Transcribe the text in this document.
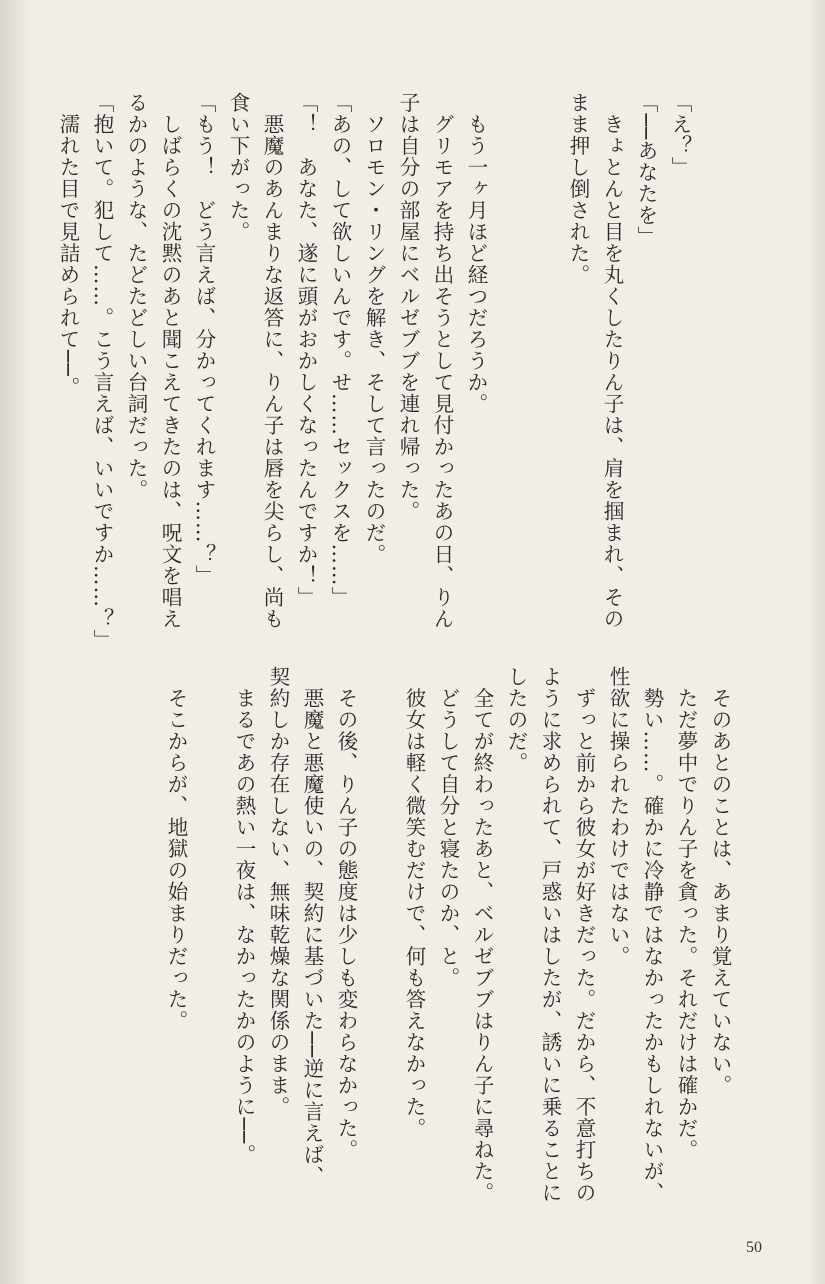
「え？」

「──あなたを」

　きょとんと目を丸くしたりん子は、肩を掴まれ、その

まま押し倒された。

　もう一ヶ月ほど経つだろうか。

　グリモアを持ち出そうとして見付かったあの日、りん

子は自分の部屋にベルゼブブを連れ帰った。

　ソロモン・リングを解き、そして言ったのだ。

「あの、して欲しいんです。せ……セックスを……」

「！　あなた、遂に頭がおかしくなったんですか！」

　悪魔のあんまりな返答に、りん子は唇を尖らし、尚も

食い下がった。

「もう！　どう言えば、分かってくれます……？」

　しばらくの沈黙のあと聞こえてきたのは、呪文を唱え

るかのような、たどたどしい台詞だった。

「抱いて。犯して……。こう言えば、いいですか……？」

　濡れた目で見詰められて──。

　そのあとのことは、あまり覚えていない。

　ただ夢中でりん子を貪った。それだけは確かだ。

　勢い……。確かに冷静ではなかったかもしれないが、

性欲に操られたわけではない。

　ずっと前から彼女が好きだった。だから、不意打ちの

ように求められて、戸惑いはしたが、誘いに乗ることに

したのだ。

　全てが終わったあと、ベルゼブブはりん子に尋ねた。

　どうして自分と寝たのか、と。

　彼女は軽く微笑むだけで、何も答えなかった。

　その後、りん子の態度は少しも変わらなかった。

　悪魔と悪魔使いの、契約に基づいた──逆に言えば、

契約しか存在しない、無味乾燥な関係のまま。

　まるであの熱い一夜は、なかったかのように──。

　そこからが、地獄の始まりだった。

50
